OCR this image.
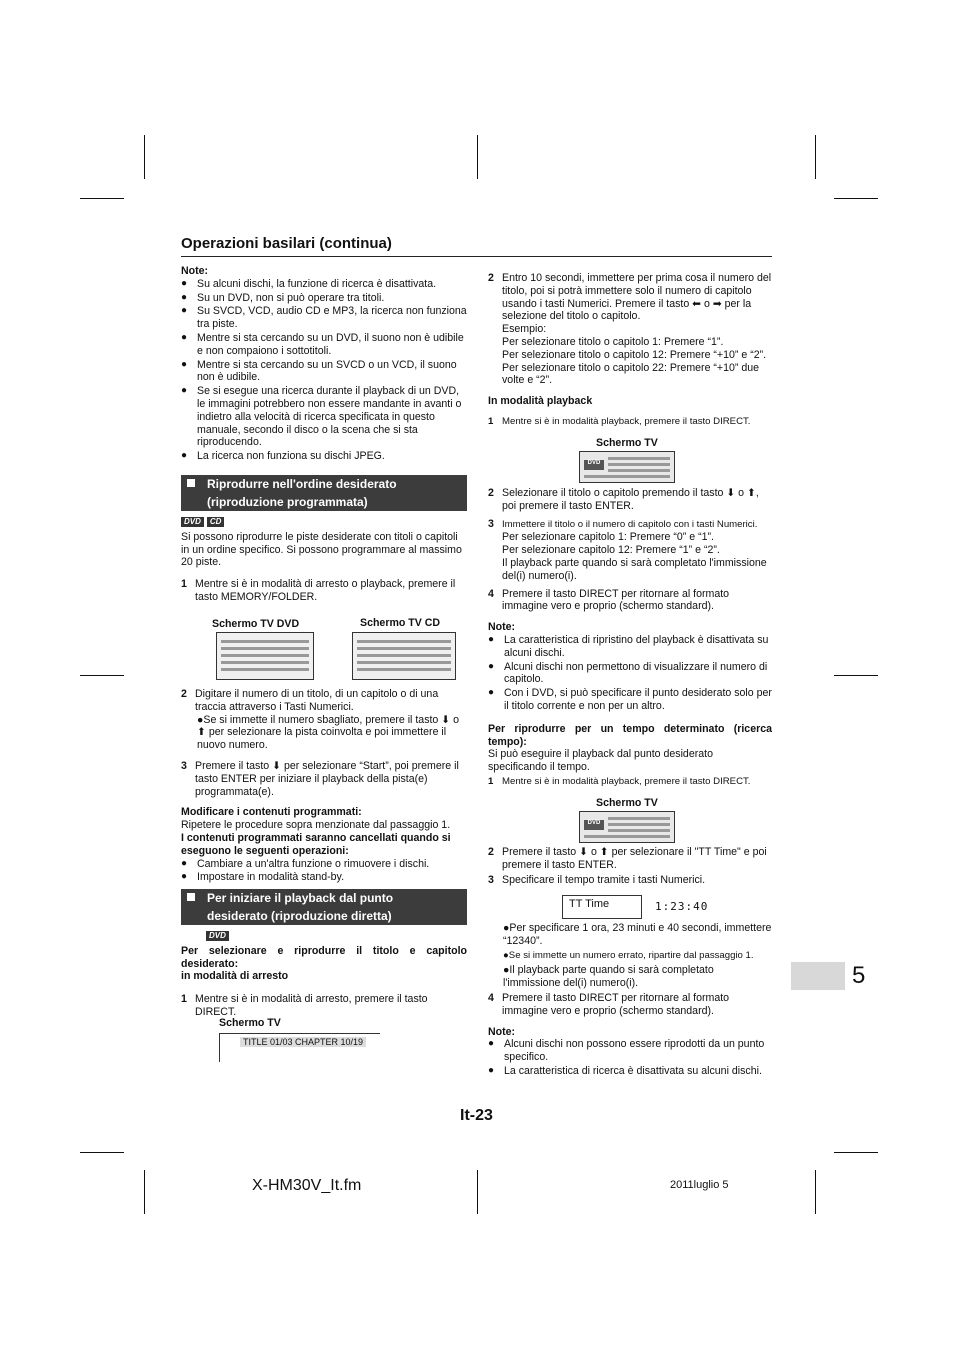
Operazioni basilari (continua)
Note:
● Su alcuni dischi, la funzione di ricerca è disattivata.
● Su un DVD, non si può operare tra titoli.
● Su SVCD, VCD, audio CD e MP3, la ricerca non funziona tra piste.
● Mentre si sta cercando su un DVD, il suono non è udibile e non compaiono i sottotitoli.
● Mentre si sta cercando su un SVCD o un VCD, il suono non è udibile.
● Se si esegue una ricerca durante il playback di un DVD, le immagini potrebbero non essere mandante in avanti o indietro alla velocità di ricerca specificata in questo manuale, secondo il disco o la scena che si sta riproducendo.
● La ricerca non funziona su dischi JPEG.
Riprodurre nell'ordine desiderato
(riproduzione programmata)
DVD CD
Si possono riprodurre le piste desiderate con titoli o capitoli in un ordine specifico. Si possono programmare al massimo 20 piste.
1 Mentre si è in modalità di arresto o playback, premere il tasto MEMORY/FOLDER.
Schermo TV DVD	Schermo TV CD
2 Digitare il numero di un titolo, di un capitolo o di una traccia attraverso i Tasti Numerici.
●Se si immette il numero sbagliato, premere il tasto ⬇ o ⬆ per selezionare la pista coinvolta e poi immettere il nuovo numero.
3 Premere il tasto ⬇ per selezionare “Start”, poi premere il tasto ENTER per iniziare il playback della pista(e) programmata(e).
Modificare i contenuti programmati:
Ripetere le procedure sopra menzionate dal passaggio 1.
I contenuti programmati saranno cancellati quando si eseguono le seguenti operazioni:
● Cambiare a un'altra funzione o rimuovere i dischi.
● Impostare in modalità stand-by.
Per iniziare il playback dal punto
desiderato (riproduzione diretta)
DVD
Per selezionare e riprodurre il titolo e capitolo desiderato:
in modalità di arresto
1 Mentre si è in modalità di arresto, premere il tasto DIRECT.
Schermo TV
TITLE 01/03 CHAPTER 10/19
2 Entro 10 secondi, immettere per prima cosa il numero del titolo, poi si potrà immettere solo il numero di capitolo usando i tasti Numerici. Premere il tasto ⬅ o ➡ per la selezione del titolo o capitolo.
Esempio:
Per selezionare titolo o capitolo 1: Premere “1”.
Per selezionare titolo o capitolo 12: Premere “+10” e “2”.
Per selezionare titolo o capitolo 22: Premere “+10” due volte e “2”.
In modalità playback
1 Mentre si è in modalità playback, premere il tasto DIRECT.
Schermo TV
DVD
2 Selezionare il titolo o capitolo premendo il tasto ⬇ o ⬆, poi premere il tasto ENTER.
3 Immettere il titolo o il numero di capitolo con i tasti Numerici.
Per selezionare capitolo 1: Premere “0” e “1”.
Per selezionare capitolo 12: Premere “1” e “2”.
Il playback parte quando si sarà completato l'immissione del(i) numero(i).
4 Premere il tasto DIRECT per ritornare al formato immagine vero e proprio (schermo standard).
Note:
● La caratteristica di ripristino del playback è disattivata su alcuni dischi.
● Alcuni dischi non permettono di visualizzare il numero di capitolo.
● Con i DVD, si può specificare il punto desiderato solo per il titolo corrente e non per un altro.
Per riprodurre per un tempo determinato (ricerca tempo):
Si può eseguire il playback dal punto desiderato specificando il tempo.
1 Mentre si è in modalità playback, premere il tasto DIRECT.
Schermo TV
DVD
2 Premere il tasto ⬇ o ⬆ per selezionare il "TT Time" e poi premere il tasto ENTER.
3 Specificare il tempo tramite i tasti Numerici.
TT Time	1:23:40
●Per specificare 1 ora, 23 minuti e 40 secondi, immettere “12340”.
●Se si immette un numero errato, ripartire dal passaggio 1.
●Il playback parte quando si sarà completato l'immissione del(i) numero(i).
4 Premere il tasto DIRECT per ritornare al formato immagine vero e proprio (schermo standard).
Note:
● Alcuni dischi non possono essere riprodotti da un punto specifico.
● La caratteristica di ricerca è disattivata su alcuni dischi.
5
It-23
X-HM30V_It.fm	2011luglio 5
